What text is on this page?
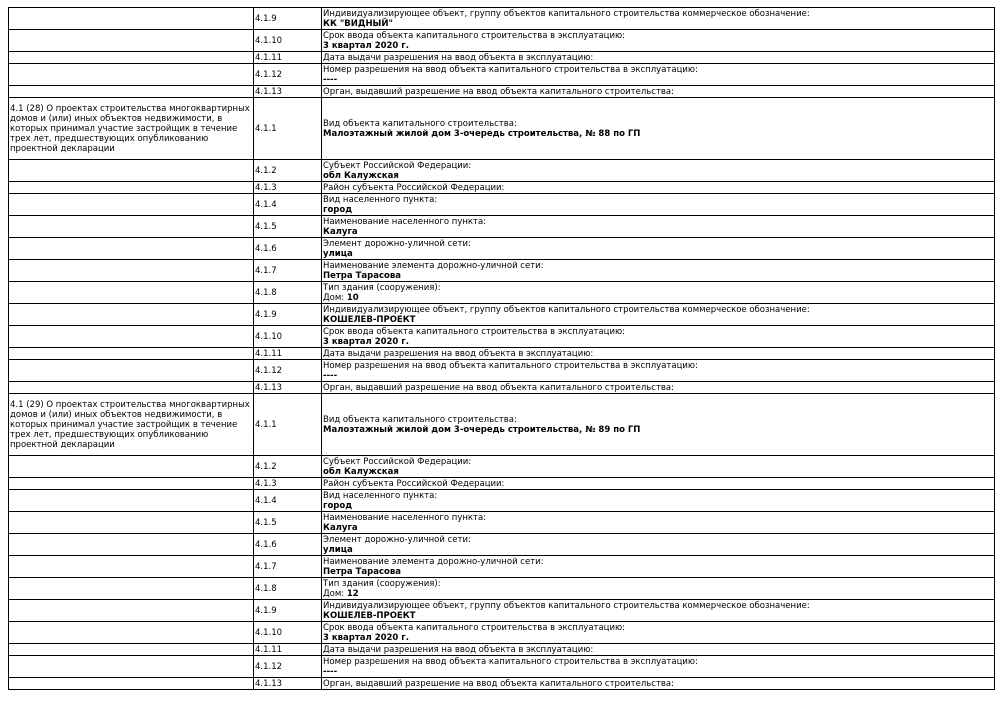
	4.1.9	Индивидуализирующее объект, группу объектов капитального строительства коммерческое обозначение:
КК "ВИДНЫЙ"

	4.1.10	Срок ввода объекта капитального строительства в эксплуатацию:
3 квартал 2020 г.

	4.1.11	Дата выдачи разрешения на ввод объекта в эксплуатацию:

	4.1.12	Номер разрешения на ввод объекта капитального строительства в эксплуатацию:
----

	4.1.13	Орган, выдавший разрешение на ввод объекта капитального строительства:

4.1 (28) О проектах строительства многоквартирных домов и (или) иных объектов недвижимости, в которых принимал участие застройщик в течение трех лет, предшествующих опубликованию проектной декларации	4.1.1	Вид объекта капитального строительства:
Малоэтажный жилой дом 3-очередь строительства, № 88 по ГП

	4.1.2	Субъект Российской Федерации:
обл Калужская

	4.1.3	Район субъекта Российской Федерации:

	4.1.4	Вид населенного пункта:
город

	4.1.5	Наименование населенного пункта:
Калуга

	4.1.6	Элемент дорожно-уличной сети:
улица

	4.1.7	Наименование элемента дорожно-уличной сети:
Петра Тарасова

	4.1.8	Тип здания (сооружения):
Дом: 10

	4.1.9	Индивидуализирующее объект, группу объектов капитального строительства коммерческое обозначение:
КОШЕЛЕВ-ПРОЕКТ

	4.1.10	Срок ввода объекта капитального строительства в эксплуатацию:
3 квартал 2020 г.

	4.1.11	Дата выдачи разрешения на ввод объекта в эксплуатацию:

	4.1.12	Номер разрешения на ввод объекта капитального строительства в эксплуатацию:
----

	4.1.13	Орган, выдавший разрешение на ввод объекта капитального строительства:

4.1 (29) О проектах строительства многоквартирных домов и (или) иных объектов недвижимости, в которых принимал участие застройщик в течение трех лет, предшествующих опубликованию проектной декларации	4.1.1	Вид объекта капитального строительства:
Малоэтажный жилой дом 3-очередь строительства, № 89 по ГП

	4.1.2	Субъект Российской Федерации:
обл Калужская

	4.1.3	Район субъекта Российской Федерации:

	4.1.4	Вид населенного пункта:
город

	4.1.5	Наименование населенного пункта:
Калуга

	4.1.6	Элемент дорожно-уличной сети:
улица

	4.1.7	Наименование элемента дорожно-уличной сети:
Петра Тарасова

	4.1.8	Тип здания (сооружения):
Дом: 12

	4.1.9	Индивидуализирующее объект, группу объектов капитального строительства коммерческое обозначение:
КОШЕЛЕВ-ПРОЕКТ

	4.1.10	Срок ввода объекта капитального строительства в эксплуатацию:
3 квартал 2020 г.

	4.1.11	Дата выдачи разрешения на ввод объекта в эксплуатацию:

	4.1.12	Номер разрешения на ввод объекта капитального строительства в эксплуатацию:
----

	4.1.13	Орган, выдавший разрешение на ввод объекта капитального строительства:
